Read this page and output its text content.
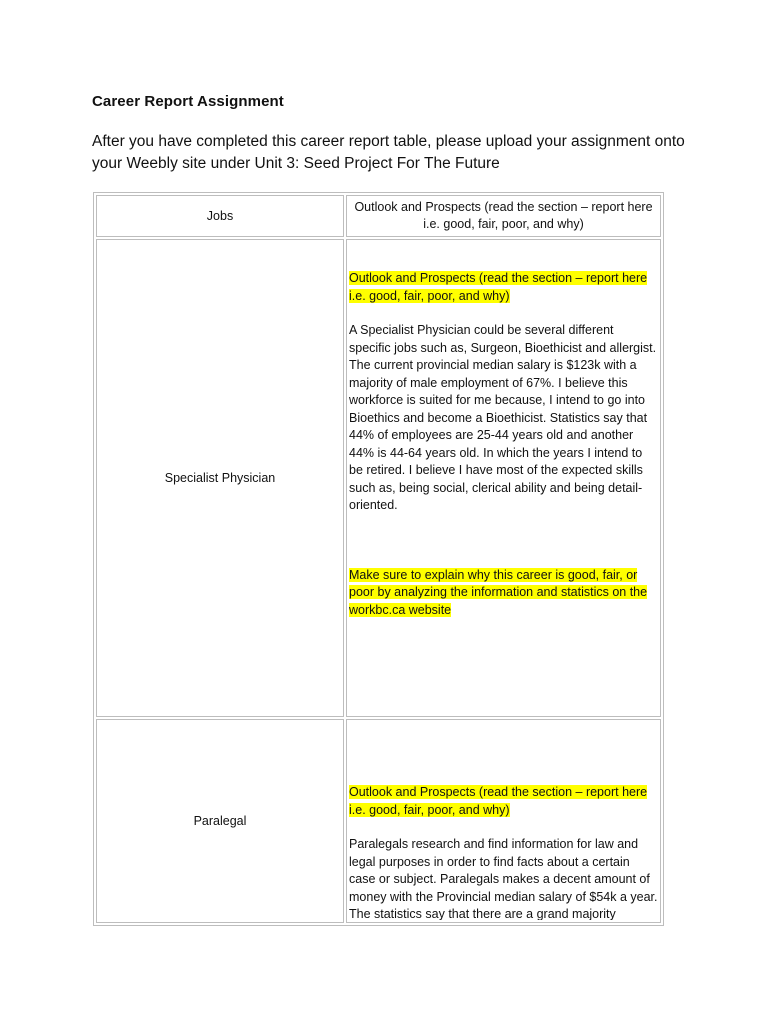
Career Report Assignment
After you have completed this career report table, please upload your assignment onto
your Weebly site under Unit 3: Seed Project For The Future
Jobs	Outlook and Prospects (read the section – report here i.e. good, fair, poor, and why)
Specialist Physician	Outlook and Prospects (read the section – report here i.e. good, fair, poor, and why)

A Specialist Physician could be several different specific jobs such as, Surgeon, Bioethicist and allergist. The current provincial median salary is $123k with a majority of male employment of 67%. I believe this workforce is suited for me because, I intend to go into Bioethics and become a Bioethicist. Statistics say that 44% of employees are 25-44 years old and another 44% is 44-64 years old. In which the years I intend to be retired. I believe I have most of the expected skills such as, being social, clerical ability and being detail-oriented.

Make sure to explain why this career is good, fair, or poor by analyzing the information and statistics on the workbc.ca website

Paralegal	Outlook and Prospects (read the section – report here i.e. good, fair, poor, and why)

Paralegals research and find information for law and legal purposes in order to find facts about a certain case or subject. Paralegals makes a decent amount of money with the Provincial median salary of $54k a year. The statistics say that there are a grand majority
